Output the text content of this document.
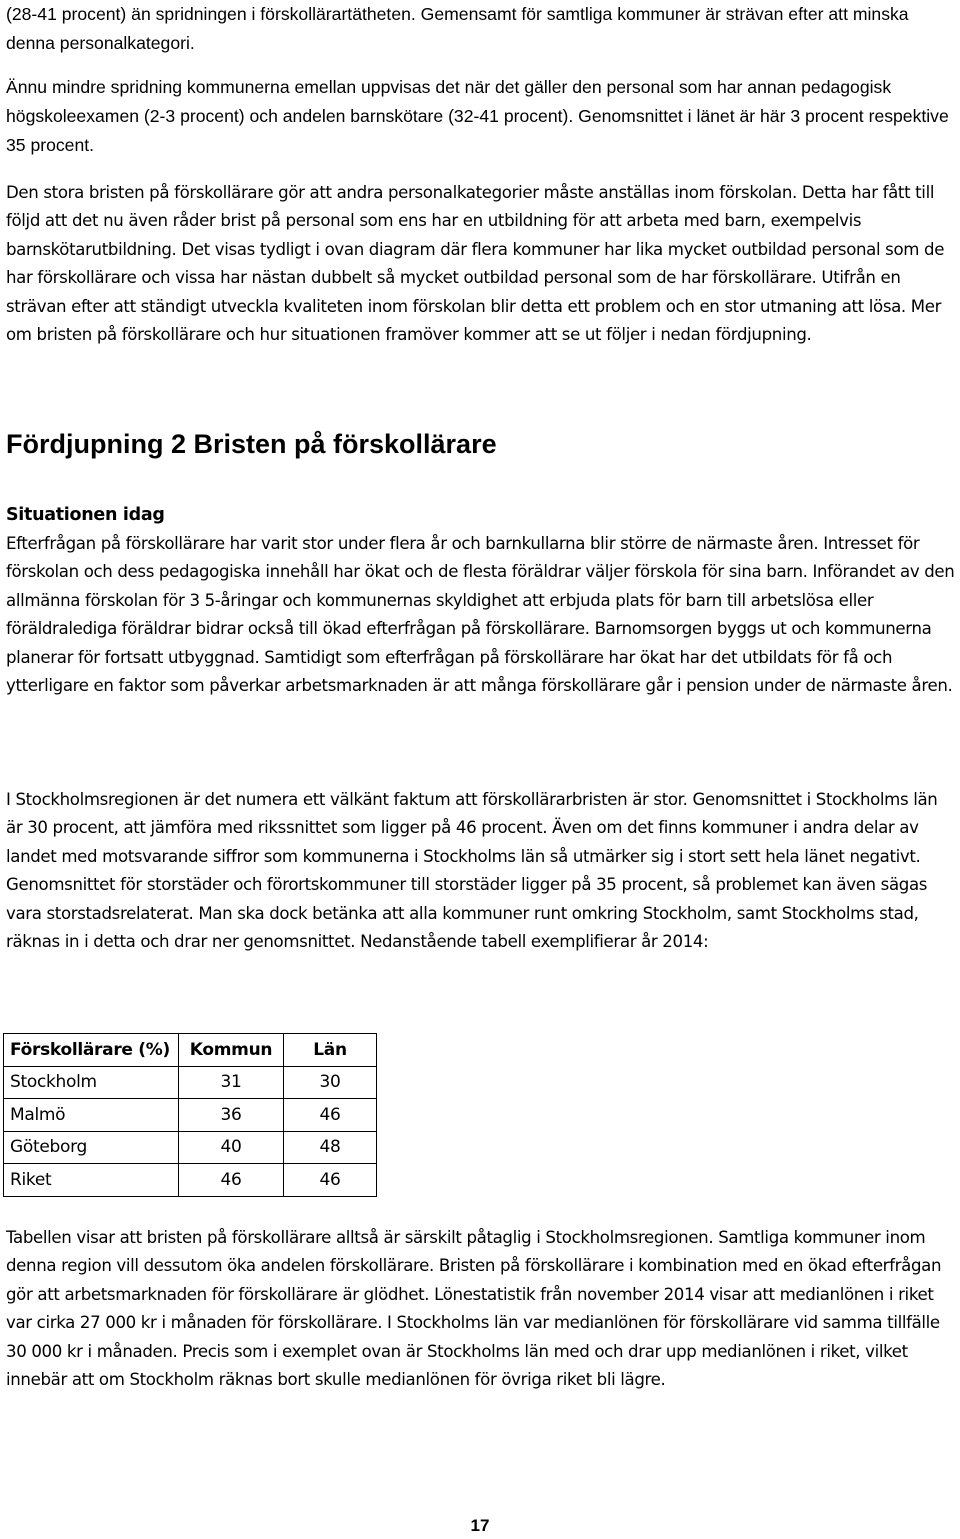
(28-41 procent) än spridningen i förskollärartätheten. Gemensamt för samtliga kommuner är strävan efter att minska denna personalkategori.

Ännu mindre spridning kommunerna emellan uppvisas det när det gäller den personal som har annan pedagogisk högskoleexamen (2-3 procent) och andelen barnskötare (32-41 procent). Genomsnittet i länet är här 3 procent respektive 35 procent.

Den stora bristen på förskollärare gör att andra personalkategorier måste anställas inom förskolan. Detta har fått till följd att det nu även råder brist på personal som ens har en utbildning för att arbeta med barn, exempelvis barnskötarutbildning. Det visas tydligt i ovan diagram där flera kommuner har lika mycket outbildad personal som de har förskollärare och vissa har nästan dubbelt så mycket outbildad personal som de har förskollärare. Utifrån en strävan efter att ständigt utveckla kvaliteten inom förskolan blir detta ett problem och en stor utmaning att lösa. Mer om bristen på förskollärare och hur situationen framöver kommer att se ut följer i nedan fördjupning.

Fördjupning 2 Bristen på förskollärare
Situationen idag

Efterfrågan på förskollärare har varit stor under flera år och barnkullarna blir större de närmaste åren. Intresset för förskolan och dess pedagogiska innehåll har ökat och de flesta föräldrar väljer förskola för sina barn. Införandet av den allmänna förskolan för 3 5-åringar och kommunernas skyldighet att erbjuda plats för barn till arbetslösa eller föräldralediga föräldrar bidrar också till ökad efterfrågan på förskollärare. Barnomsorgen byggs ut och kommunerna planerar för fortsatt utbyggnad. Samtidigt som efterfrågan på förskollärare har ökat har det utbildats för få och ytterligare en faktor som påverkar arbetsmarknaden är att många förskollärare går i pension under de närmaste åren.

I Stockholmsregionen är det numera ett välkänt faktum att förskollärarbristen är stor. Genomsnittet i Stockholms län är 30 procent, att jämföra med rikssnittet som ligger på 46 procent. Även om det finns kommuner i andra delar av landet med motsvarande siffror som kommunerna i Stockholms län så utmärker sig i stort sett hela länet negativt. Genomsnittet för storstäder och förortskommuner till storstäder ligger på 35 procent, så problemet kan även sägas vara storstadsrelaterat. Man ska dock betänka att alla kommuner runt omkring Stockholm, samt Stockholms stad, räknas in i detta och drar ner genomsnittet. Nedanstående tabell exemplifierar år 2014:

Förskollärare (%)	Kommun	Län
Stockholm	31	30
Malmö	36	46
Göteborg	40	48
Riket	46	46

Tabellen visar att bristen på förskollärare alltså är särskilt påtaglig i Stockholmsregionen. Samtliga kommuner inom denna region vill dessutom öka andelen förskollärare. Bristen på förskollärare i kombination med en ökad efterfrågan gör att arbetsmarknaden för förskollärare är glödhet. Lönestatistik från november 2014 visar att medianlönen i riket var cirka 27 000 kr i månaden för förskollärare. I Stockholms län var medianlönen för förskollärare vid samma tillfälle 30 000 kr i månaden. Precis som i exemplet ovan är Stockholms län med och drar upp medianlönen i riket, vilket innebär att om Stockholm räknas bort skulle medianlönen för övriga riket bli lägre.

17
